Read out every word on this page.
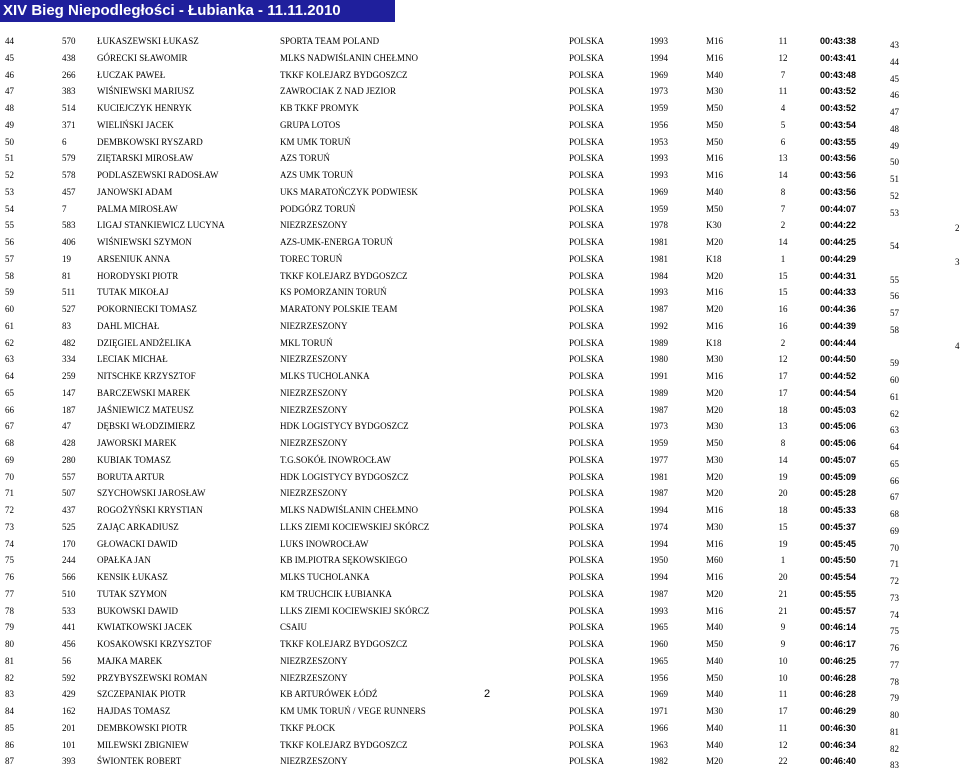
XIV Bieg Niepodległości - Łubianka - 11.11.2010
44	570 ŁUKASZEWSKI ŁUKASZ	SPORTA TEAM POLAND	POLSKA	1993	M16	11	00:43:38	43
45	438 GÓRECKI SŁAWOMIR	MLKS NADWIŚLANIN CHEŁMNO	POLSKA	1994	M16	12	00:43:41	44
46	266 ŁUCZAK PAWEŁ	TKKF KOLEJARZ BYDGOSZCZ	POLSKA	1969	M40	7	00:43:48	45
47	383 WIŚNIEWSKI MARIUSZ	ZAWROCIAK Z NAD JEZIOR	POLSKA	1973	M30	11	00:43:52	46
48	514 KUCIEJCZYK HENRYK	KB TKKF PROMYK	POLSKA	1959	M50	4	00:43:52	47
49	371 WIELIŃSKI JACEK	GRUPA LOTOS	POLSKA	1956	M50	5	00:43:54	48
50	6	DEMBKOWSKI RYSZARD	KM UMK TORUŃ	POLSKA	1953	M50	6	00:43:55	49
51	579 ZIĘTARSKI MIROSŁAW	AZS TORUŃ	POLSKA	1993	M16	13	00:43:56	50
52	578 PODLASZEWSKI RADOSŁAW	AZS UMK TORUŃ	POLSKA	1993	M16	14	00:43:56	51
53	457 JANOWSKI ADAM	UKS MARATOŃCZYK PODWIESK	POLSKA	1969	M40	8	00:43:56	52
54	7	PALMA MIROSŁAW	PODGÓRZ TORUŃ	POLSKA	1959	M50	7	00:44:07	53
55	583 LIGAJ STANKIEWICZ LUCYNA	NIEZRZESZONY	POLSKA	1978	K30	2	00:44:22	2
56	406 WIŚNIEWSKI SZYMON	AZS-UMK-ENERGA TORUŃ	POLSKA	1981	M20	14	00:44:25	54
57	19	ARSENIUK ANNA	TOREC TORUŃ	POLSKA	1981	K18	1	00:44:29	3
58	81	HORODYSKI PIOTR	TKKF KOLEJARZ BYDGOSZCZ	POLSKA	1984	M20	15	00:44:31	55
59	511 TUTAK MIKOŁAJ	KS POMORZANIN TORUŃ	POLSKA	1993	M16	15	00:44:33	56
60	527 POKORNIECKI TOMASZ	MARATONY POLSKIE TEAM	POLSKA	1987	M20	16	00:44:36	57
61	83	DAHL MICHAŁ	NIEZRZESZONY	POLSKA	1992	M16	16	00:44:39	58
62	482 DZIĘGIEL ANDŻELIKA	MKL TORUŃ	POLSKA	1989	K18	2	00:44:44	4
63	334 LECIAK MICHAŁ	NIEZRZESZONY	POLSKA	1980	M30	12	00:44:50	59
64	259 NITSCHKE KRZYSZTOF	MLKS TUCHOLANKA	POLSKA	1991	M16	17	00:44:52	60
65	147 BARCZEWSKI MAREK	NIEZRZESZONY	POLSKA	1989	M20	17	00:44:54	61
66	187 JAŚNIEWICZ MATEUSZ	NIEZRZESZONY	POLSKA	1987	M20	18	00:45:03	62
67	47	DĘBSKI WŁODZIMIERZ	HDK LOGISTYCY BYDGOSZCZ	POLSKA	1973	M30	13	00:45:06	63
68	428 JAWORSKI MAREK	NIEZRZESZONY	POLSKA	1959	M50	8	00:45:06	64
69	280 KUBIAK TOMASZ	T.G.SOKÓŁ INOWROCŁAW	POLSKA	1977	M30	14	00:45:07	65
70	557 BORUTA ARTUR	HDK LOGISTYCY BYDGOSZCZ	POLSKA	1981	M20	19	00:45:09	66
71	507 SZYCHOWSKI JAROSŁAW	NIEZRZESZONY	POLSKA	1987	M20	20	00:45:28	67
72	437 ROGOŻYŃSKI KRYSTIAN	MLKS NADWIŚLANIN CHEŁMNO	POLSKA	1994	M16	18	00:45:33	68
73	525 ZAJĄC ARKADIUSZ	LLKS ZIEMI KOCIEWSKIEJ SKÓRCZ	POLSKA	1974	M30	15	00:45:37	69
74	170 GŁOWACKI DAWID	LUKS INOWROCŁAW	POLSKA	1994	M16	19	00:45:45	70
75	244 OPAŁKA JAN	KB IM.PIOTRA SĘKOWSKIEGO	POLSKA	1950	M60	1	00:45:50	71
76	566 KENSIK ŁUKASZ	MLKS TUCHOLANKA	POLSKA	1994	M16	20	00:45:54	72
77	510 TUTAK SZYMON	KM TRUCHCIK ŁUBIANKA	POLSKA	1987	M20	21	00:45:55	73
78	533 BUKOWSKI DAWID	LLKS ZIEMI KOCIEWSKIEJ SKÓRCZ	POLSKA	1993	M16	21	00:45:57	74
79	441 KWIATKOWSKI JACEK	CSAIU	POLSKA	1965	M40	9	00:46:14	75
80	456 KOSAKOWSKI KRZYSZTOF	TKKF KOLEJARZ BYDGOSZCZ	POLSKA	1960	M50	9	00:46:17	76
81	56	MAJKA MAREK	NIEZRZESZONY	POLSKA	1965	M40	10	00:46:25	77
82	592 PRZYBYSZEWSKI ROMAN	NIEZRZESZONY	POLSKA	1956	M50	10	00:46:28	78
83	429 SZCZEPANIAK PIOTR	KB ARTURÓWEK ŁÓDŹ	POLSKA	1969	M40	11	00:46:28	79
84	162 HAJDAS TOMASZ	KM UMK TORUŃ / VEGE RUNNERS	POLSKA	1971	M30	17	00:46:29	80
85	201 DEMBKOWSKI PIOTR	TKKF PŁOCK	POLSKA	1966	M40	11	00:46:30	81
86	101 MILEWSKI ZBIGNIEW	TKKF KOLEJARZ BYDGOSZCZ	POLSKA	1963	M40	12	00:46:34	82
87	393 ŚWIONTEK ROBERT	NIEZRZESZONY	POLSKA	1982	M20	22	00:46:40	83
2
